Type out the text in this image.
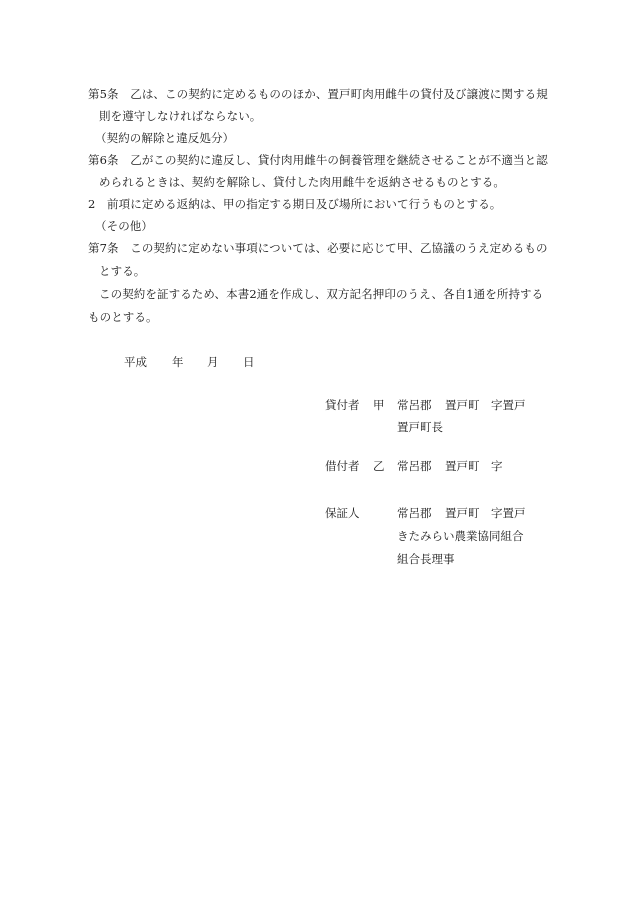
第5条　乙は、この契約に定めるもののほか、置戸町肉用雌牛の貸付及び譲渡に関する規
則を遵守しなければならない。
（契約の解除と違反処分）
第6条　乙がこの契約に違反し、貸付肉用雌牛の飼養管理を継続させることが不適当と認
められるときは、契約を解除し、貸付した肉用雌牛を返納させるものとする。
2　前項に定める返納は、甲の指定する期日及び場所において行うものとする。
（その他）
第7条　この契約に定めない事項については、必要に応じて甲、乙協議のうえ定めるもの
とする。
この契約を証するため、本書2通を作成し、双方記名押印のうえ、各自1通を所持する
ものとする。
平成 年 月 日
貸付者 甲 常呂郡 置戸町 字置戸
置戸町長
借付者 乙 常呂郡 置戸町 字
保証人	常呂郡 置戸町 字置戸
きたみらい農業協同組合
組合長理事
